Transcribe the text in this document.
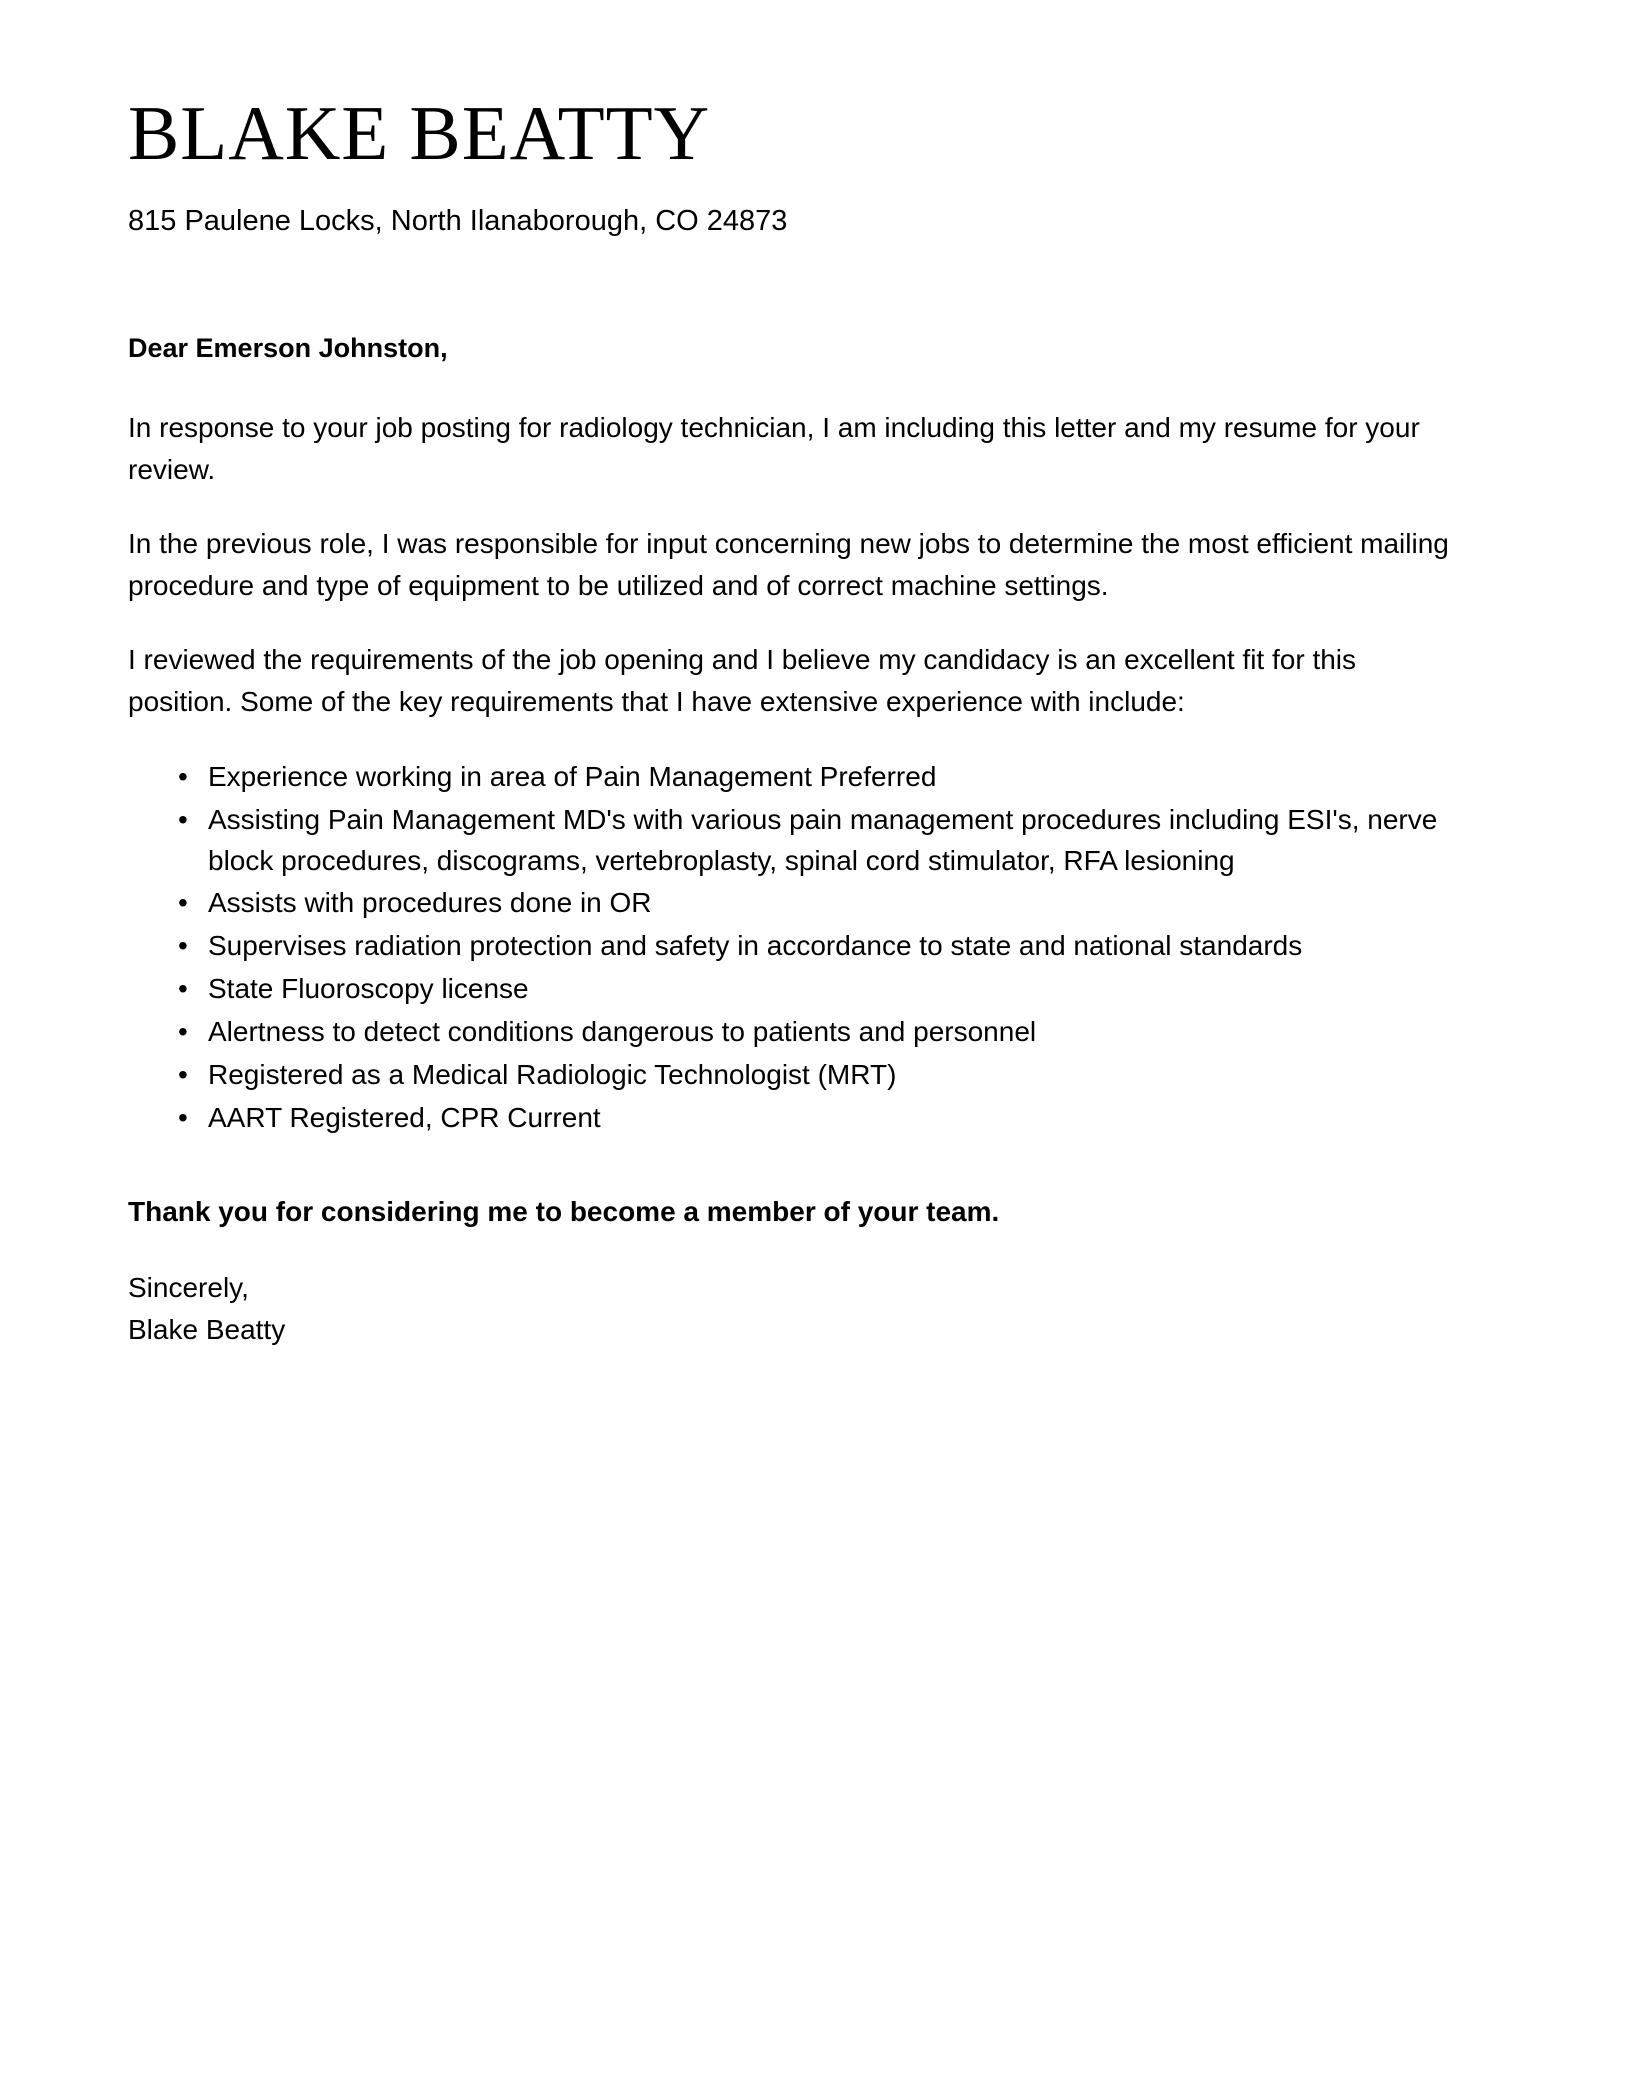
BLAKE BEATTY
815 Paulene Locks, North Ilanaborough, CO 24873
Dear Emerson Johnston,

In response to your job posting for radiology technician, I am including this letter and my resume for your review.

In the previous role, I was responsible for input concerning new jobs to determine the most efficient mailing procedure and type of equipment to be utilized and of correct machine settings.

I reviewed the requirements of the job opening and I believe my candidacy is an excellent fit for this position. Some of the key requirements that I have extensive experience with include:

• Experience working in area of Pain Management Preferred
• Assisting Pain Management MD's with various pain management procedures including ESI's, nerve block procedures, discograms, vertebroplasty, spinal cord stimulator, RFA lesioning
• Assists with procedures done in OR
• Supervises radiation protection and safety in accordance to state and national standards
• State Fluoroscopy license
• Alertness to detect conditions dangerous to patients and personnel
• Registered as a Medical Radiologic Technologist (MRT)
• AART Registered, CPR Current
Thank you for considering me to become a member of your team.
Sincerely,
Blake Beatty
